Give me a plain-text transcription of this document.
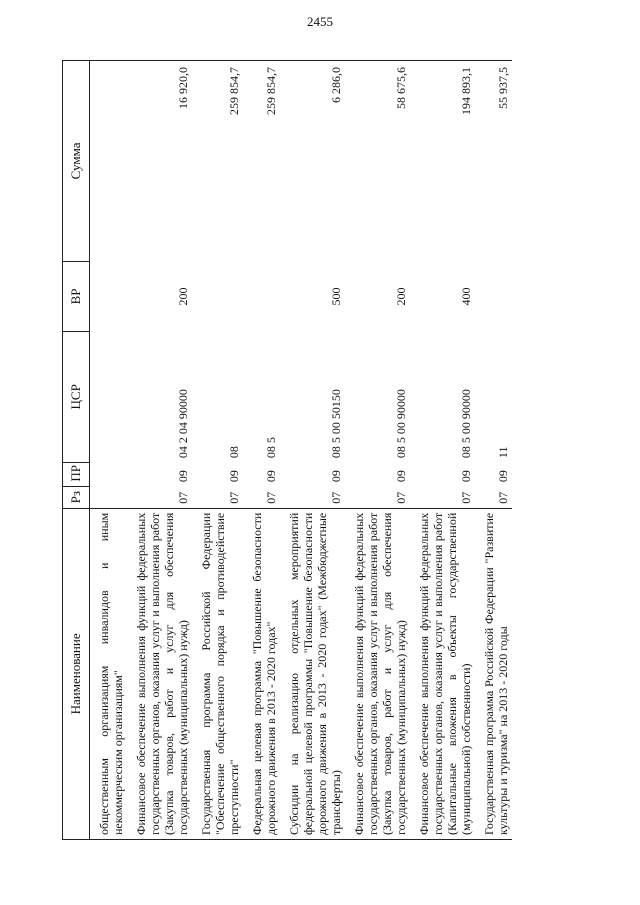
2455
Наименование	Рз	ПР	ЦСР	ВР	Сумма
общественным организациям инвалидов и иным некоммерческим организациям"					
Финансовое обеспечение выполнения функций федеральных государственных органов, оказания услуг и выполнения работ (Закупка товаров, работ и услуг для обеспечения государственных (муниципальных) нужд)	07	09	04 2 04 90000	200	16 920,0
Государственная программа Российской Федерации "Обеспечение общественного порядка и противодействие преступности"	07	09	08		259 854,7
Федеральная целевая программа "Повышение безопасности дорожного движения в 2013 - 2020 годах"	07	09	08 5		259 854,7
Субсидии на реализацию отдельных мероприятий федеральной целевой программы "Повышение безопасности дорожного движения в 2013 - 2020 годах" (Межбюджетные трансферты)	07	09	08 5 00 50150	500	6 286,0
Финансовое обеспечение выполнения функций федеральных государственных органов, оказания услуг и выполнения работ (Закупка товаров, работ и услуг для обеспечения государственных (муниципальных) нужд)	07	09	08 5 00 90000	200	58 675,6
Финансовое обеспечение выполнения функций федеральных государственных органов, оказания услуг и выполнения работ (Капитальные вложения в объекты государственной (муниципальной) собственности)	07	09	08 5 00 90000	400	194 893,1
Государственная программа Российской Федерации "Развитие культуры и туризма" на 2013 - 2020 годы	07	09	11		55 937,5
